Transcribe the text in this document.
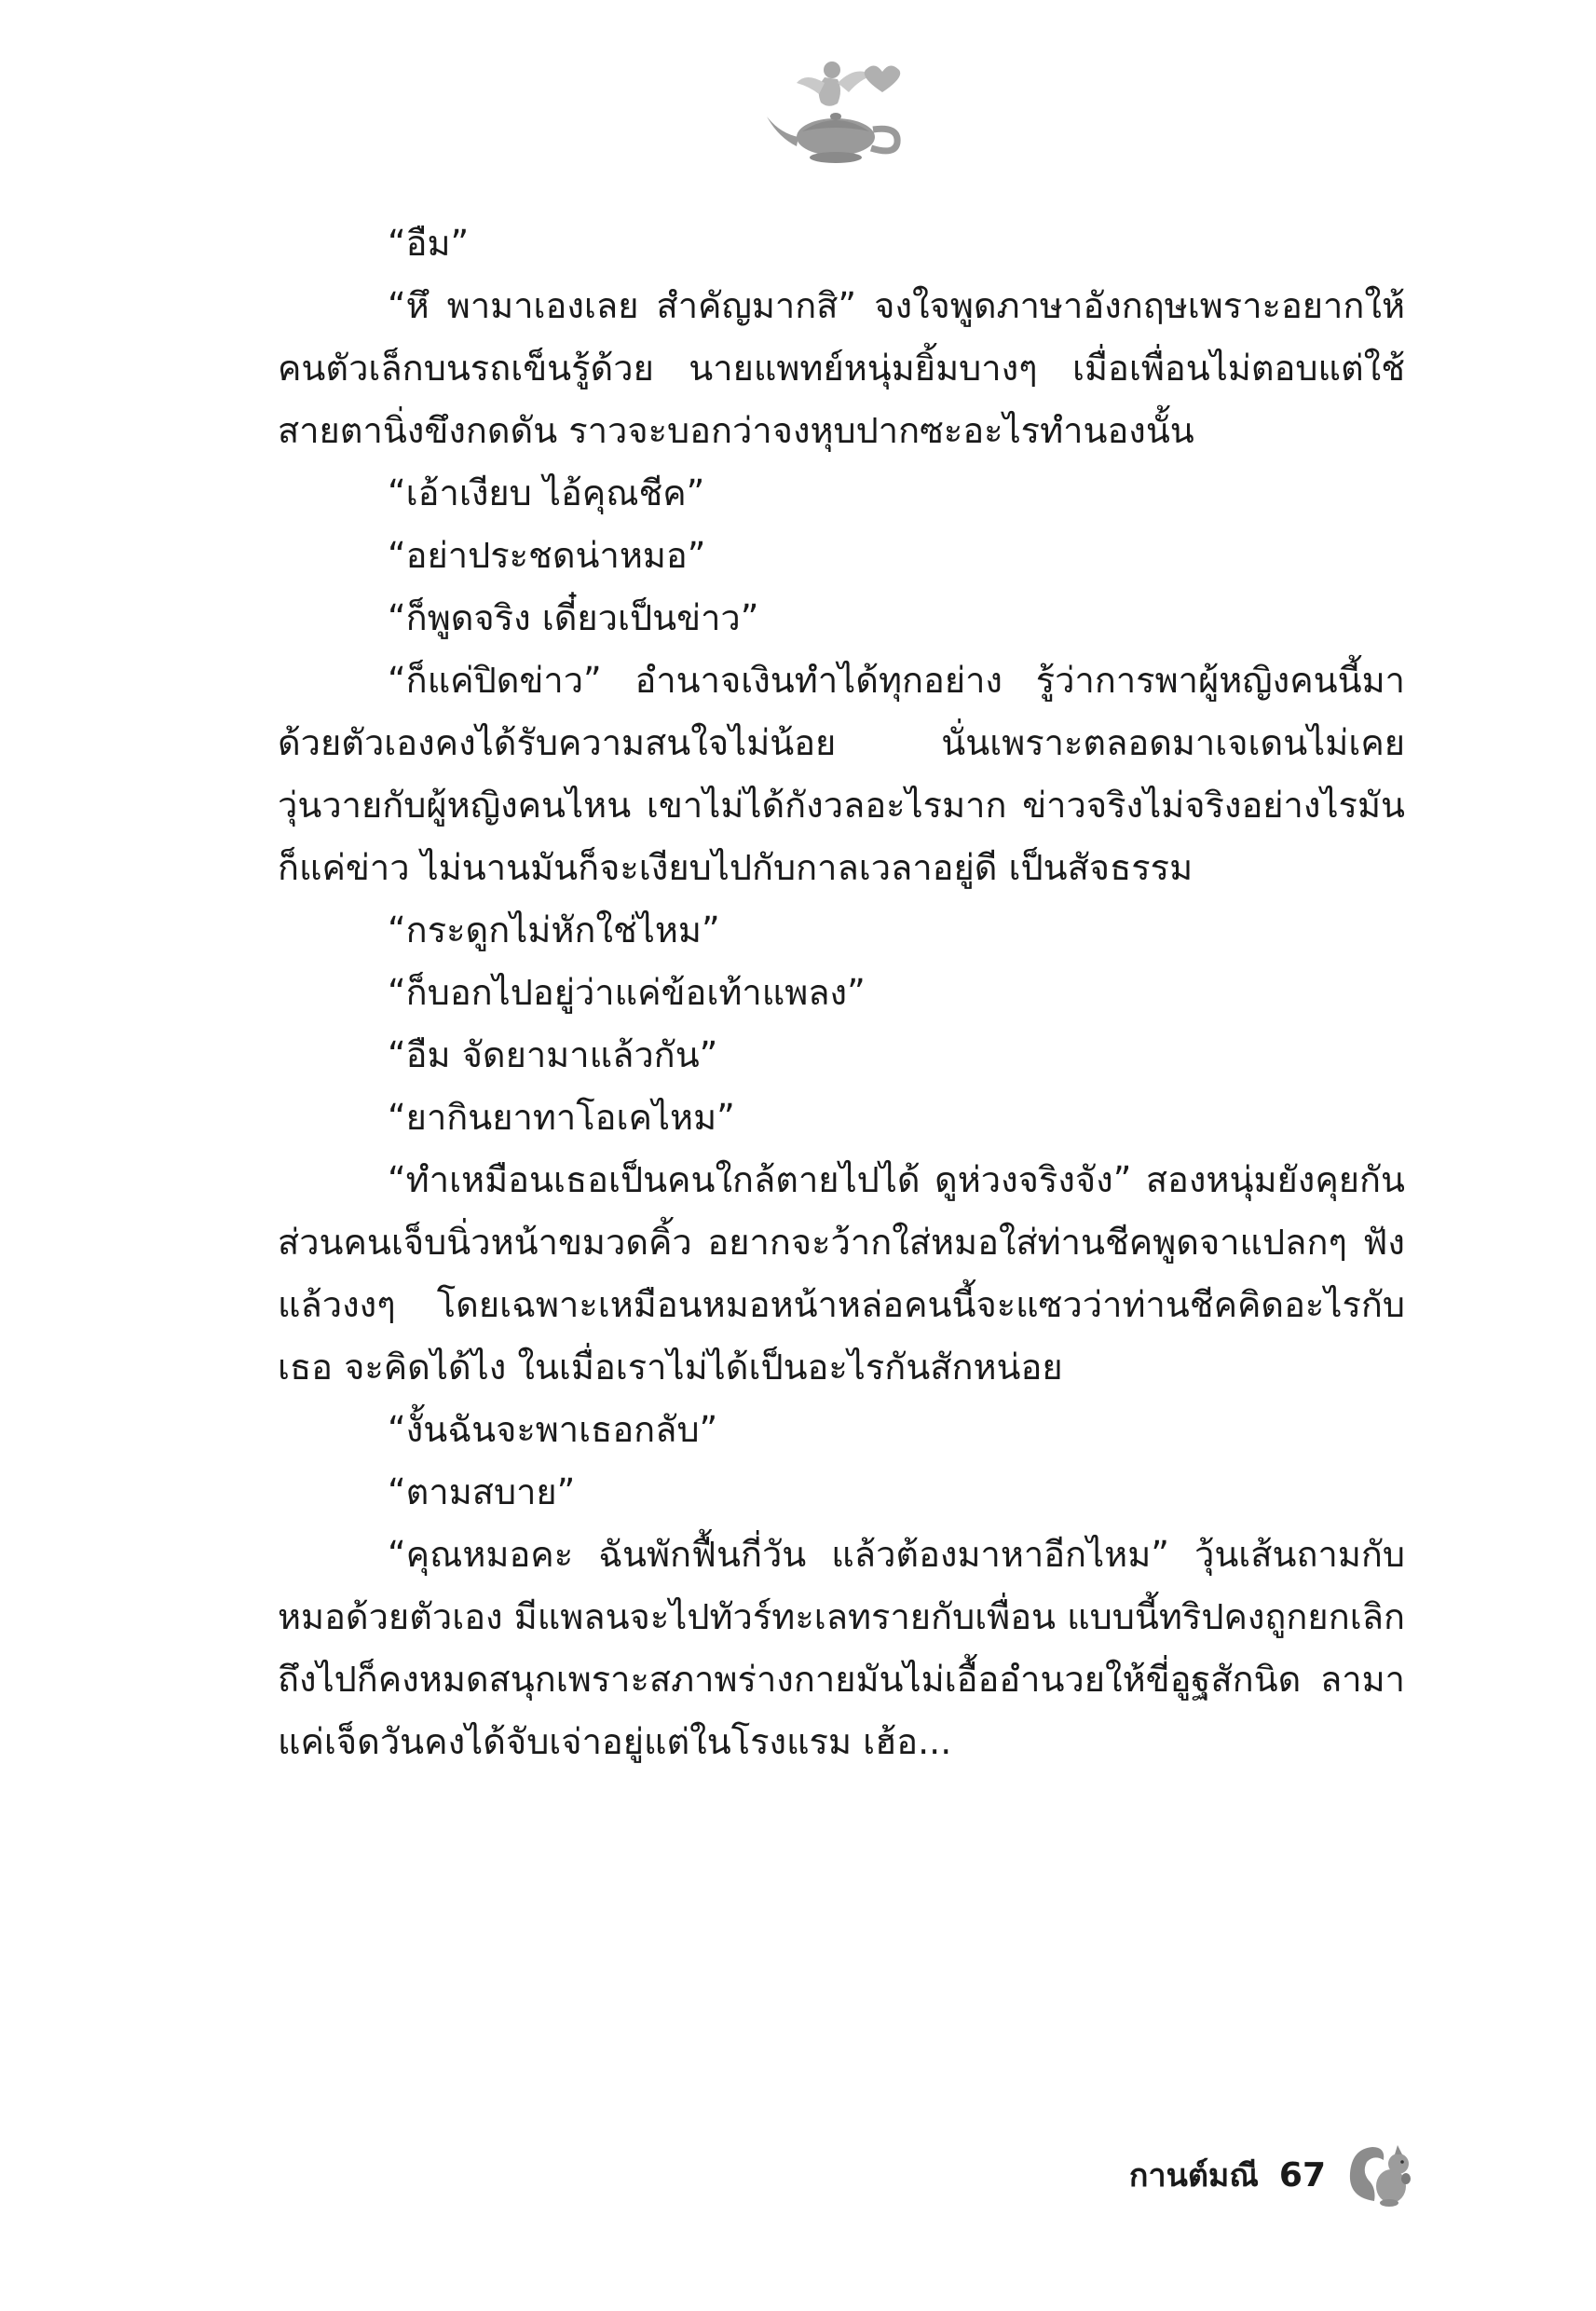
“อืม”

“หึ พามาเองเลย สำคัญมากสิ” จงใจพูดภาษาอังกฤษเพราะอยากให้คนตัวเล็กบนรถเข็นรู้ด้วย นายแพทย์หนุ่มยิ้มบางๆ เมื่อเพื่อนไม่ตอบแต่ใช้สายตานิ่งขึงกดดัน ราวจะบอกว่าจงหุบปากซะอะไรทำนองนั้น

“เอ้าเงียบ ไอ้คุณชีค”

“อย่าประชดน่าหมอ”

“ก็พูดจริง เดี๋ยวเป็นข่าว”

“ก็แค่ปิดข่าว” อำนาจเงินทำได้ทุกอย่าง รู้ว่าการพาผู้หญิงคนนี้มาด้วยตัวเองคงได้รับความสนใจไม่น้อย นั่นเพราะตลอดมาเจเดนไม่เคยวุ่นวายกับผู้หญิงคนไหน เขาไม่ได้กังวลอะไรมาก ข่าวจริงไม่จริงอย่างไรมันก็แค่ข่าว ไม่นานมันก็จะเงียบไปกับกาลเวลาอยู่ดี เป็นสัจธรรม

“กระดูกไม่หักใช่ไหม”

“ก็บอกไปอยู่ว่าแค่ข้อเท้าแพลง”

“อืม จัดยามาแล้วกัน”

“ยากินยาทาโอเคไหม”

“ทำเหมือนเธอเป็นคนใกล้ตายไปได้ ดูห่วงจริงจัง” สองหนุ่มยังคุยกัน ส่วนคนเจ็บนิ่วหน้าขมวดคิ้ว อยากจะว้ากใส่หมอใส่ท่านชีคพูดจาแปลกๆ ฟังแล้วงงๆ โดยเฉพาะเหมือนหมอหน้าหล่อคนนี้จะแซวว่าท่านชีคคิดอะไรกับเธอ จะคิดได้ไง ในเมื่อเราไม่ได้เป็นอะไรกันสักหน่อย

“งั้นฉันจะพาเธอกลับ”

“ตามสบาย”

“คุณหมอคะ ฉันพักฟื้นกี่วัน แล้วต้องมาหาอีกไหม” วุ้นเส้นถามกับหมอด้วยตัวเอง มีแพลนจะไปทัวร์ทะเลทรายกับเพื่อน แบบนี้ทริปคงถูกยกเลิก ถึงไปก็คงหมดสนุกเพราะสภาพร่างกายมันไม่เอื้ออำนวยให้ขี่อูฐสักนิด ลามาแค่เจ็ดวันคงได้จับเจ่าอยู่แต่ในโรงแรม เฮ้อ...

กานต์มณี 67
